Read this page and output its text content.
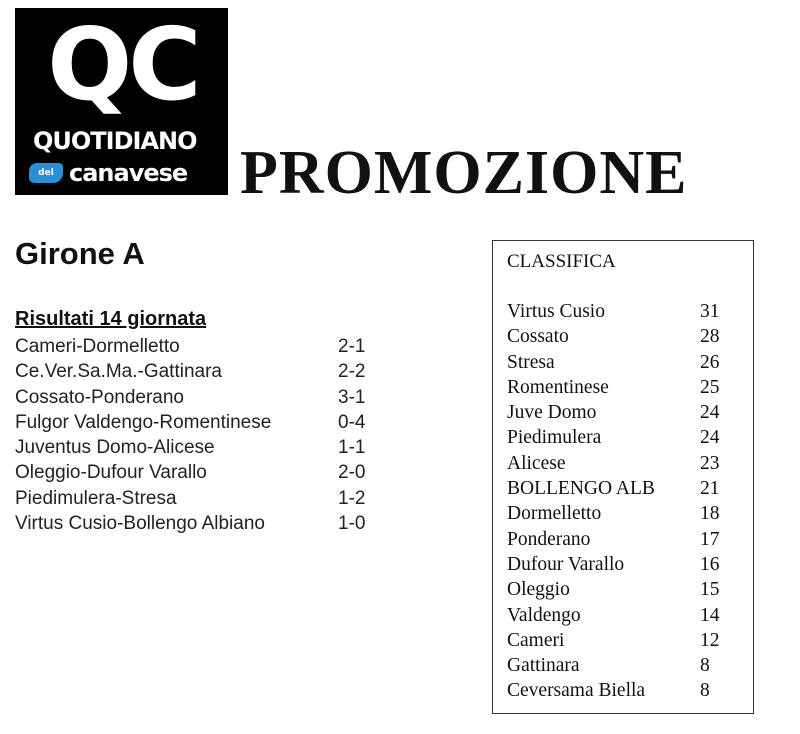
QC
QUOTIDIANO
del canavese PROMOZIONE
Girone A
Risultati 14 giornata
Cameri-Dormelletto	2-1
Ce.Ver.Sa.Ma.-Gattinara	2-2
Cossato-Ponderano	3-1
Fulgor Valdengo-Romentinese	0-4
Juventus Domo-Alicese	1-1
Oleggio-Dufour Varallo	2-0
Piedimulera-Stresa	1-2
Virtus Cusio-Bollengo Albiano	1-0
CLASSIFICA
Virtus Cusio	31
Cossato	28
Stresa	26
Romentinese	25
Juve Domo	24
Piedimulera	24
Alicese	23
BOLLENGO ALB	21
Dormelletto	18
Ponderano	17
Dufour Varallo	16
Oleggio	15
Valdengo	14
Cameri	12
Gattinara	8
Ceversama Biella	8
